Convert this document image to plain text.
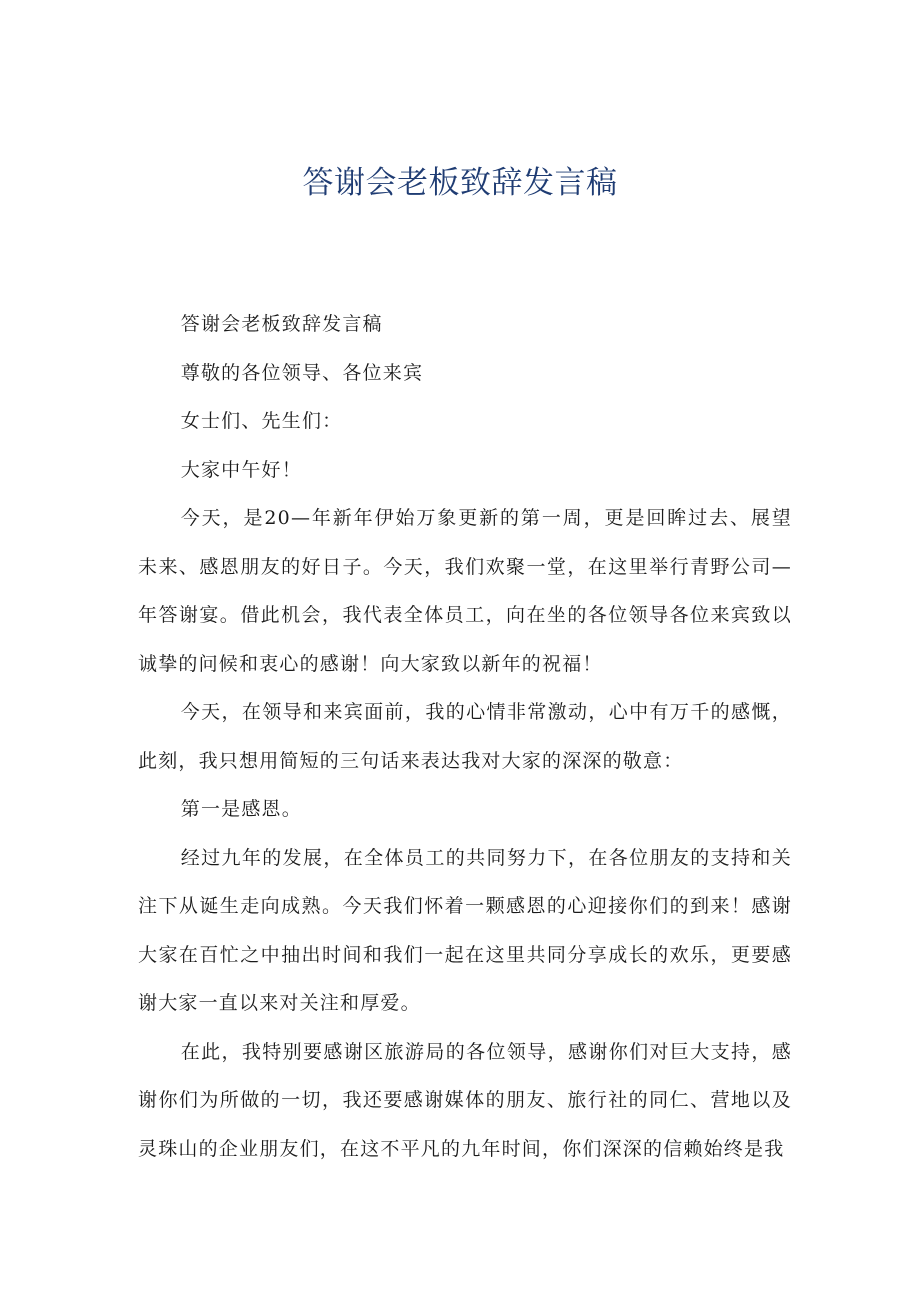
答谢会老板致辞发言稿

答谢会老板致辞发言稿

尊敬的各位领导、各位来宾

女士们、先生们：

大家中午好！

今天，是20—年新年伊始万象更新的第一周，更是回眸过去、展望未来、感恩朋友的好日子。今天，我们欢聚一堂，在这里举行青野公司—年答谢宴。借此机会，我代表全体员工，向在坐的各位领导各位来宾致以诚挚的问候和衷心的感谢！向大家致以新年的祝福！

今天，在领导和来宾面前，我的心情非常激动，心中有万千的感慨，此刻，我只想用简短的三句话来表达我对大家的深深的敬意：

第一是感恩。

经过九年的发展，在全体员工的共同努力下，在各位朋友的支持和关注下从诞生走向成熟。今天我们怀着一颗感恩的心迎接你们的到来！感谢大家在百忙之中抽出时间和我们一起在这里共同分享成长的欢乐，更要感谢大家一直以来对关注和厚爱。

在此，我特别要感谢区旅游局的各位领导，感谢你们对巨大支持，感谢你们为所做的一切，我还要感谢媒体的朋友、旅行社的同仁、营地以及灵珠山的企业朋友们，在这不平凡的九年时间，你们深深的信赖始终是我
